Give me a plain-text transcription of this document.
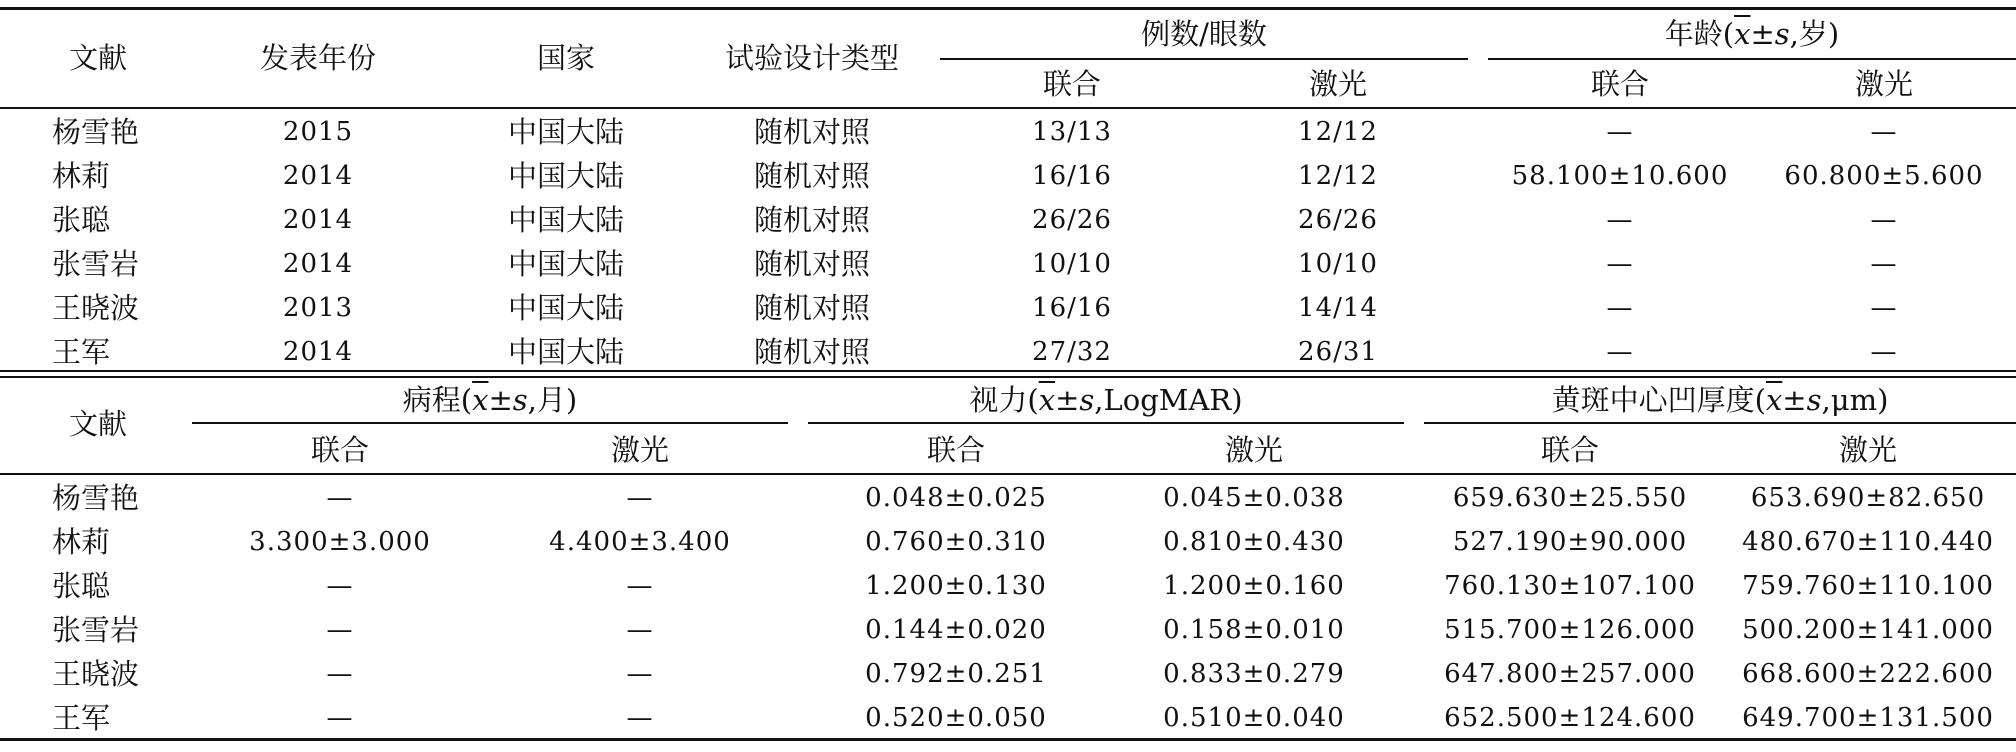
文献	发表年份	国家	试验设计类型
例数/眼数	年龄($\overline{x}\pm s$,岁)
联合	激光	联合	激光
杨雪艳	2015	中国大陆	随机对照	13/13	12/12	—	—
林莉	2014	中国大陆	随机对照	16/16	12/12	58.100±10.600 60.800±5.600
张聪	2014	中国大陆	随机对照	26/26	26/26	—	—
张雪岩	2014	中国大陆	随机对照	10/10	10/10	—	—
王晓波	2013	中国大陆	随机对照	16/16	14/14	—	—
王军	2014	中国大陆	随机对照	27/32	26/31	—	—
文献
病程($\overline{x}\pm s$,月)	视力$(\overline{x}\pm s,LogMAR)$	黄斑中心凹厚度$(\overline{x}\pm s,\mu m)$
联合	激光	联合	激光	联合	激光
杨雪艳	—	—	0.048±0.025	0.045±0.038	659.630±25.550 653.690±82.650
林莉	3.300±3.000	4.400±3.400	0.760±0.310	0.810±0.430	527.190±90.000 480.670±110.440
张聪	—	—	1.200±0.130	1.200±0.160	760.130±107.100 759.760±110.100
张雪岩	—	—	0.144±0.020	0.158±0.010	515.700±126.000 500.200±141.000
王晓波	—	—	0.792±0.251	0.833±0.279	647.800±257.000 668.600±222.600
王军	—	—	0.520±0.050	0.510±0.040	652.500±124.600 649.700±131.500
